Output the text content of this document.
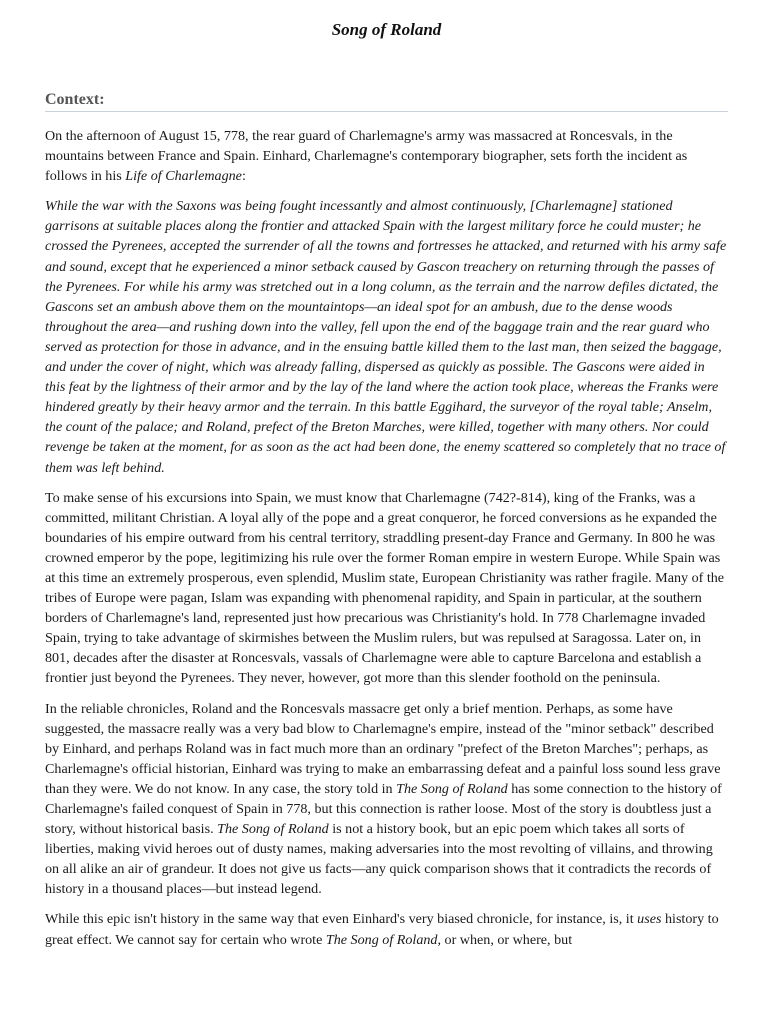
Song of Roland
Context:

On the afternoon of August 15, 778, the rear guard of Charlemagne's army was massacred at Roncesvals, in the mountains between France and Spain. Einhard, Charlemagne's contemporary biographer, sets forth the incident as follows in his Life of Charlemagne:

While the war with the Saxons was being fought incessantly and almost continuously, [Charlemagne] stationed garrisons at suitable places along the frontier and attacked Spain with the largest military force he could muster; he crossed the Pyrenees, accepted the surrender of all the towns and fortresses he attacked, and returned with his army safe and sound, except that he experienced a minor setback caused by Gascon treachery on returning through the passes of the Pyrenees. For while his army was stretched out in a long column, as the terrain and the narrow defiles dictated, the Gascons set an ambush above them on the mountaintops—an ideal spot for an ambush, due to the dense woods throughout the area—and rushing down into the valley, fell upon the end of the baggage train and the rear guard who served as protection for those in advance, and in the ensuing battle killed them to the last man, then seized the baggage, and under the cover of night, which was already falling, dispersed as quickly as possible. The Gascons were aided in this feat by the lightness of their armor and by the lay of the land where the action took place, whereas the Franks were hindered greatly by their heavy armor and the terrain. In this battle Eggihard, the surveyor of the royal table; Anselm, the count of the palace; and Roland, prefect of the Breton Marches, were killed, together with many others. Nor could revenge be taken at the moment, for as soon as the act had been done, the enemy scattered so completely that no trace of them was left behind.

To make sense of his excursions into Spain, we must know that Charlemagne (742?-814), king of the Franks, was a committed, militant Christian. A loyal ally of the pope and a great conqueror, he forced conversions as he expanded the boundaries of his empire outward from his central territory, straddling present-day France and Germany. In 800 he was crowned emperor by the pope, legitimizing his rule over the former Roman empire in western Europe. While Spain was at this time an extremely prosperous, even splendid, Muslim state, European Christianity was rather fragile. Many of the tribes of Europe were pagan, Islam was expanding with phenomenal rapidity, and Spain in particular, at the southern borders of Charlemagne's land, represented just how precarious was Christianity's hold. In 778 Charlemagne invaded Spain, trying to take advantage of skirmishes between the Muslim rulers, but was repulsed at Saragossa. Later on, in 801, decades after the disaster at Roncesvals, vassals of Charlemagne were able to capture Barcelona and establish a frontier just beyond the Pyrenees. They never, however, got more than this slender foothold on the peninsula.

In the reliable chronicles, Roland and the Roncesvals massacre get only a brief mention. Perhaps, as some have suggested, the massacre really was a very bad blow to Charlemagne's empire, instead of the "minor setback" described by Einhard, and perhaps Roland was in fact much more than an ordinary "prefect of the Breton Marches"; perhaps, as Charlemagne's official historian, Einhard was trying to make an embarrassing defeat and a painful loss sound less grave than they were. We do not know. In any case, the story told in The Song of Roland has some connection to the history of Charlemagne's failed conquest of Spain in 778, but this connection is rather loose. Most of the story is doubtless just a story, without historical basis. The Song of Roland is not a history book, but an epic poem which takes all sorts of liberties, making vivid heroes out of dusty names, making adversaries into the most revolting of villains, and throwing on all alike an air of grandeur. It does not give us facts—any quick comparison shows that it contradicts the records of history in a thousand places—but instead legend.

While this epic isn't history in the same way that even Einhard's very biased chronicle, for instance, is, it uses history to great effect. We cannot say for certain who wrote The Song of Roland, or when, or where, but
